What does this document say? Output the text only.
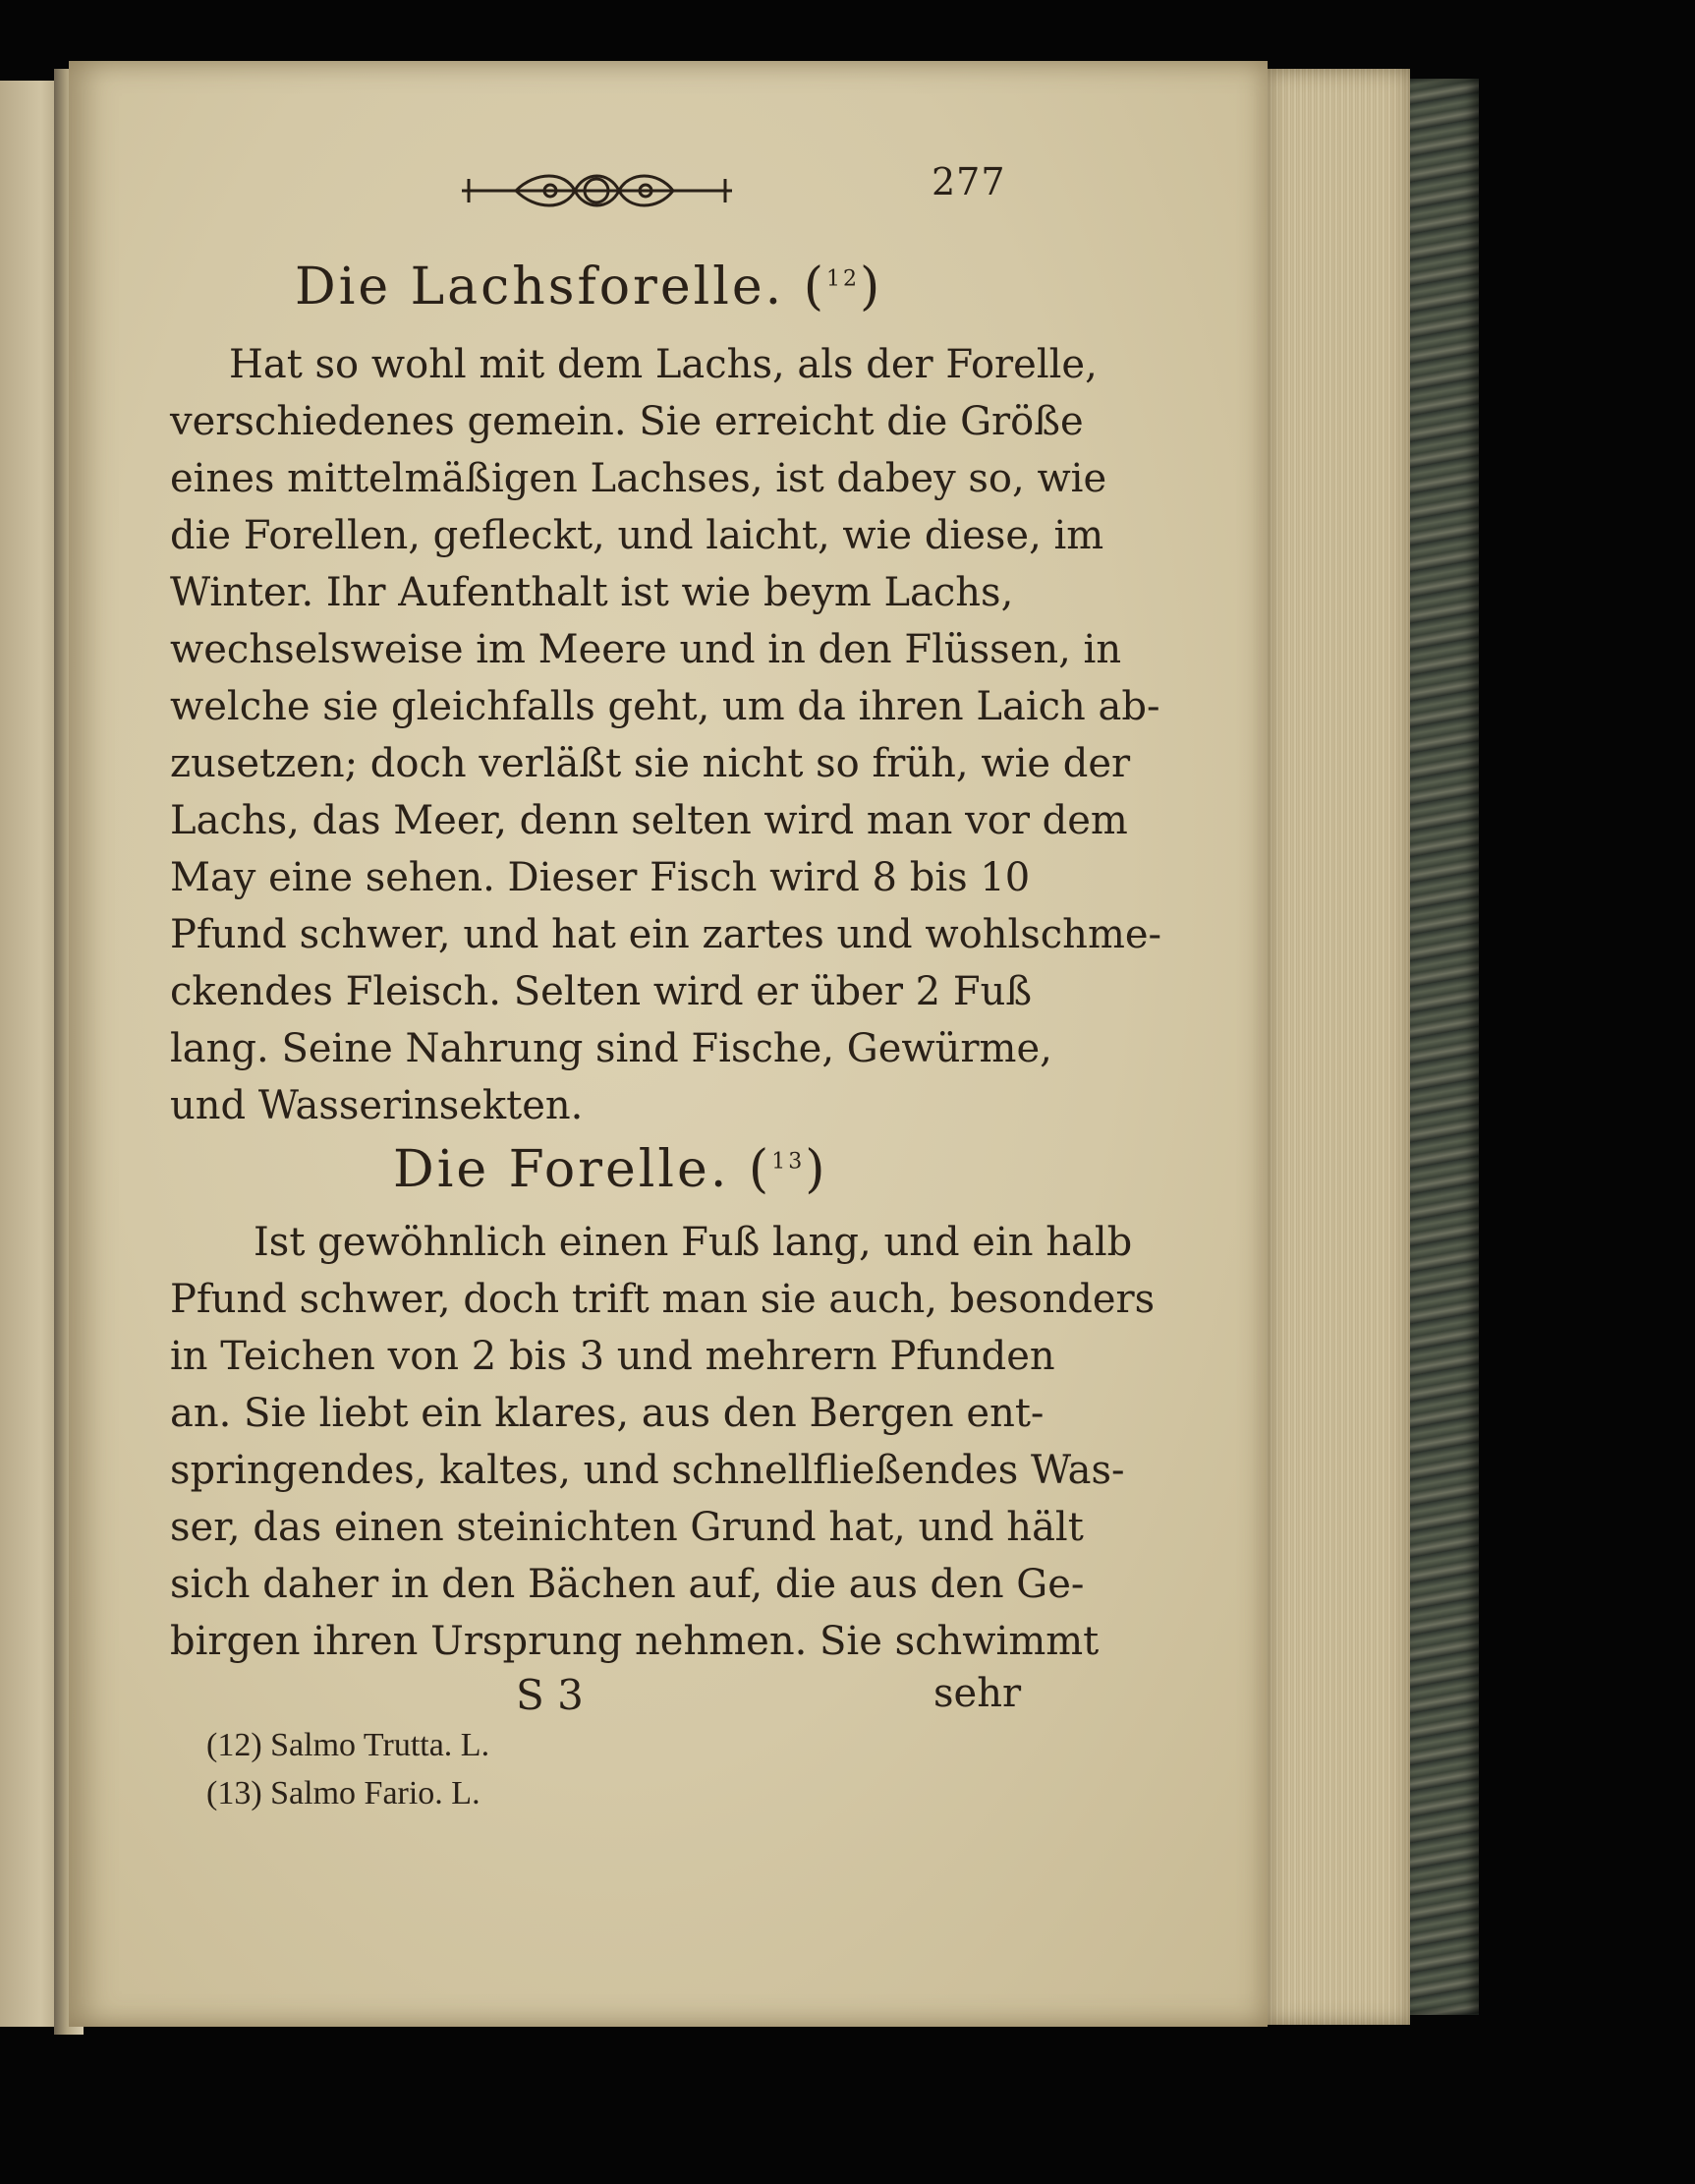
277
Die Lachsforelle. ($^{12}$)
Hat so wohl mit dem Lachs, als der Forelle,
verschiedenes gemein. Sie erreicht die Größe
eines mittelmäßigen Lachses, ist dabey so, wie
die Forellen, gefleckt, und laicht, wie diese, im
Winter. Ihr Aufenthalt ist wie beym Lachs,
wechselsweise im Meere und in den Flüssen, in
welche sie gleichfalls geht, um da ihren Laich ab-
zusetzen; doch verläßt sie nicht so früh, wie der
Lachs, das Meer, denn selten wird man vor dem
May eine sehen. Dieser Fisch wird 8 bis 10
Pfund schwer, und hat ein zartes und wohlschme-
ckendes Fleisch. Selten wird er über 2 Fuß
lang. Seine Nahrung sind Fische, Gewürme,
und Wasserinsekten.
Die Forelle. ($^{13}$)
Ist gewöhnlich einen Fuß lang, und ein halb
Pfund schwer, doch trift man sie auch, besonders
in Teichen von 2 bis 3 und mehrern Pfunden
an. Sie liebt ein klares, aus den Bergen ent-
springendes, kaltes, und schnellfließendes Was-
ser, das einen steinichten Grund hat, und hält
sich daher in den Bächen auf, die aus den Ge-
birgen ihren Ursprung nehmen. Sie schwimmt
S 3	sehr
(12) Salmo Trutta. L.
(13) Salmo Fario. L.
